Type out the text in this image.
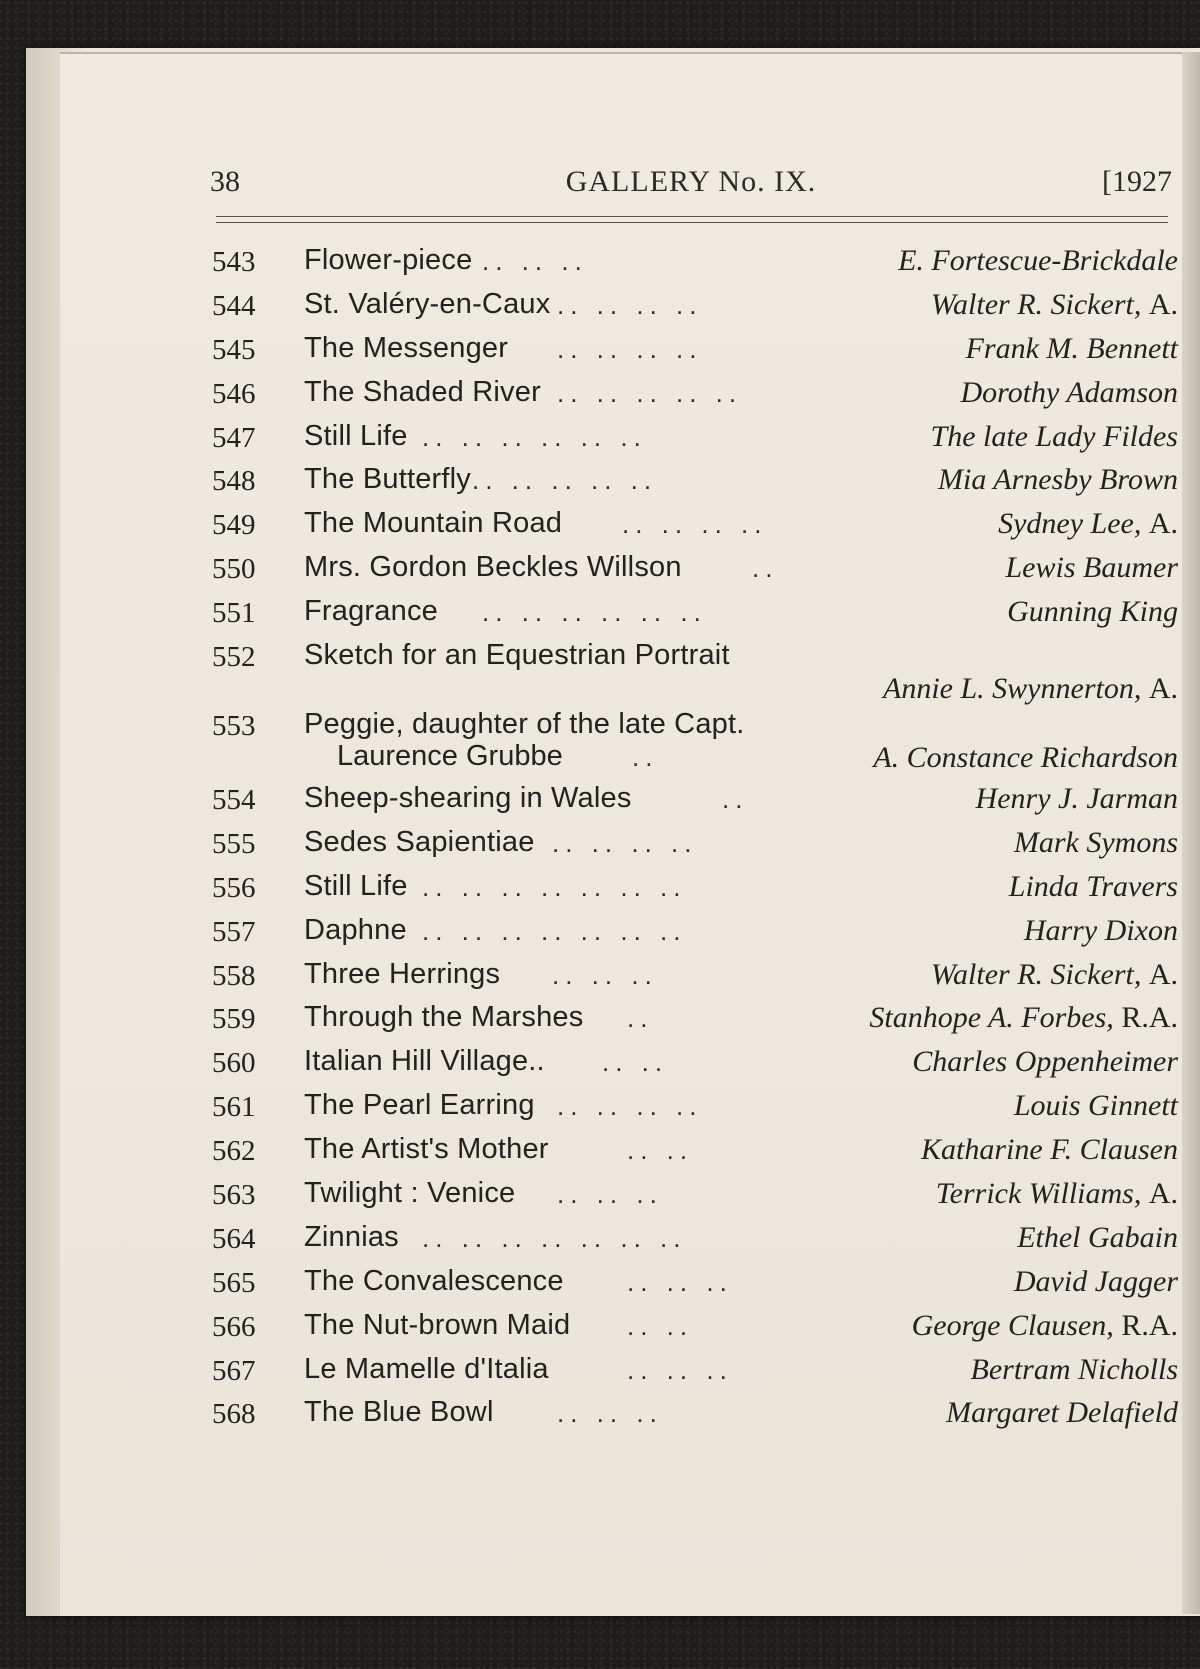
38	GALLERY No. IX.	[1927
543	Flower-piece .. .. ..	E. Fortescue-Brickdale
544	St. Valéry-en-Caux .. .. .. ..	Walter R. Sickert, A.
545	The Messenger .. .. .. ..	Frank M. Bennett
546	The Shaded River .. .. .. .. ..	Dorothy Adamson
547	Still Life .. .. .. .. .. ..	The late Lady Fildes
548	The Butterfly .. .. .. .. ..	Mia Arnesby Brown
549	The Mountain Road .. .. .. ..	Sydney Lee, A.
550	Mrs. Gordon Beckles Willson	..	Lewis Baumer
551	Fragrance .. .. .. .. .. ..	Gunning King
552	Sketch for an Equestrian Portrait
Annie L. Swynnerton, A.
553	Peggie, daughter of the late Capt.
Laurence Grubbe	..	A. Constance Richardson
554	Sheep-shearing in Wales	..	Henry J. Jarman
555	Sedes Sapientiae .. .. .. ..	Mark Symons
556	Still Life .. .. .. .. .. .. ..	Linda Travers
557	Daphne .. .. .. .. .. .. ..	Harry Dixon
558	Three Herrings .. .. ..	Walter R. Sickert, A.
559	Through the Marshes ..	Stanhope A. Forbes, R.A.
560	Italian Hill Village.. .. ..	Charles Oppenheimer
561	The Pearl Earring .. .. .. ..	Louis Ginnett
562	The Artist's Mother	.. ..	Katharine F. Clausen
563	Twilight : Venice .. .. ..	Terrick Williams, A.
564	Zinnias .. .. .. .. .. .. ..	Ethel Gabain
565	The Convalescence .. .. ..	David Jagger
566	The Nut-brown Maid .. ..	George Clausen, R.A.
567	Le Mamelle d'Italia	.. .. ..	Bertram Nicholls
568	The Blue Bowl .. .. ..	Margaret Delafield
